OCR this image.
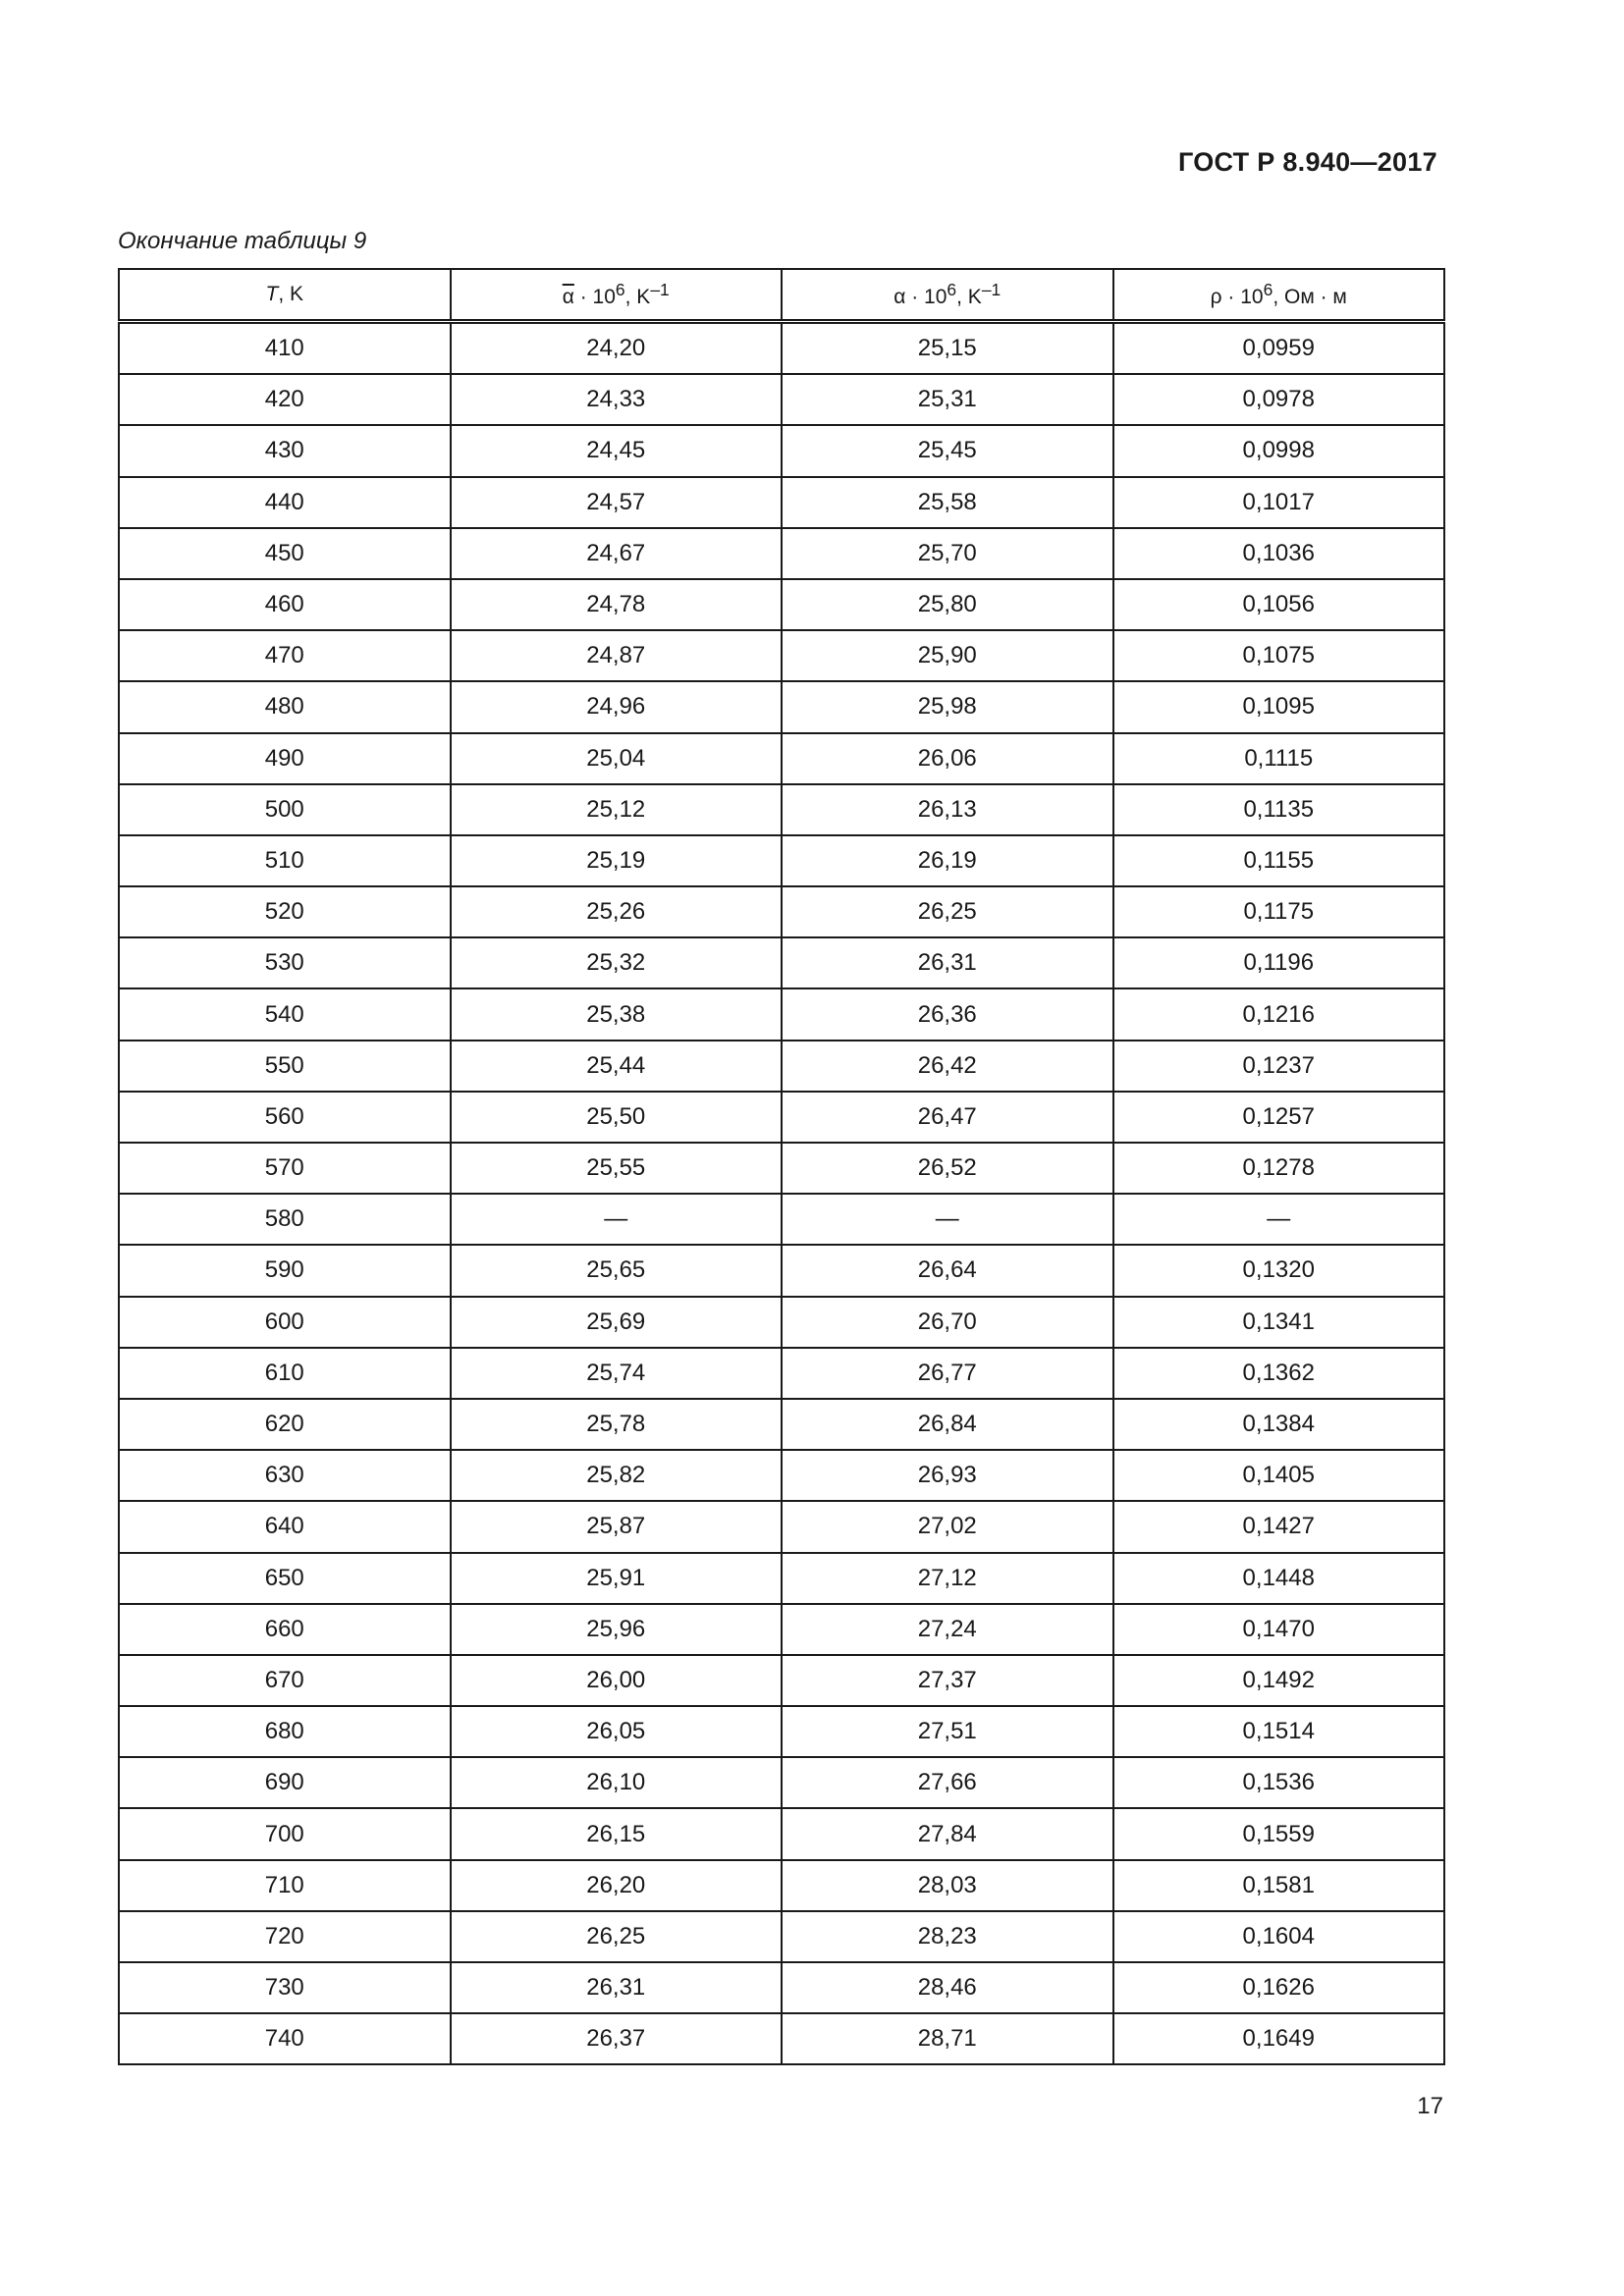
ГОСТ Р 8.940—2017
Окончание таблицы 9
T, K	$\overline{\alpha} \cdot 10^6$, $K^{-1}$	$\alpha \cdot 10^6$, $K^{-1}$	$\rho \cdot 10^6$, Ом · м
410	24,20	25,15	0,0959
420	24,33	25,31	0,0978
430	24,45	25,45	0,0998
440	24,57	25,58	0,1017
450	24,67	25,70	0,1036
460	24,78	25,80	0,1056
470	24,87	25,90	0,1075
480	24,96	25,98	0,1095
490	25,04	26,06	0,1115
500	25,12	26,13	0,1135
510	25,19	26,19	0,1155
520	25,26	26,25	0,1175
530	25,32	26,31	0,1196
540	25,38	26,36	0,1216
550	25,44	26,42	0,1237
560	25,50	26,47	0,1257
570	25,55	26,52	0,1278
580	—	—	—
590	25,65	26,64	0,1320
600	25,69	26,70	0,1341
610	25,74	26,77	0,1362
620	25,78	26,84	0,1384
630	25,82	26,93	0,1405
640	25,87	27,02	0,1427
650	25,91	27,12	0,1448
660	25,96	27,24	0,1470
670	26,00	27,37	0,1492
680	26,05	27,51	0,1514
690	26,10	27,66	0,1536
700	26,15	27,84	0,1559
710	26,20	28,03	0,1581
720	26,25	28,23	0,1604
730	26,31	28,46	0,1626
740	26,37	28,71	0,1649
17
